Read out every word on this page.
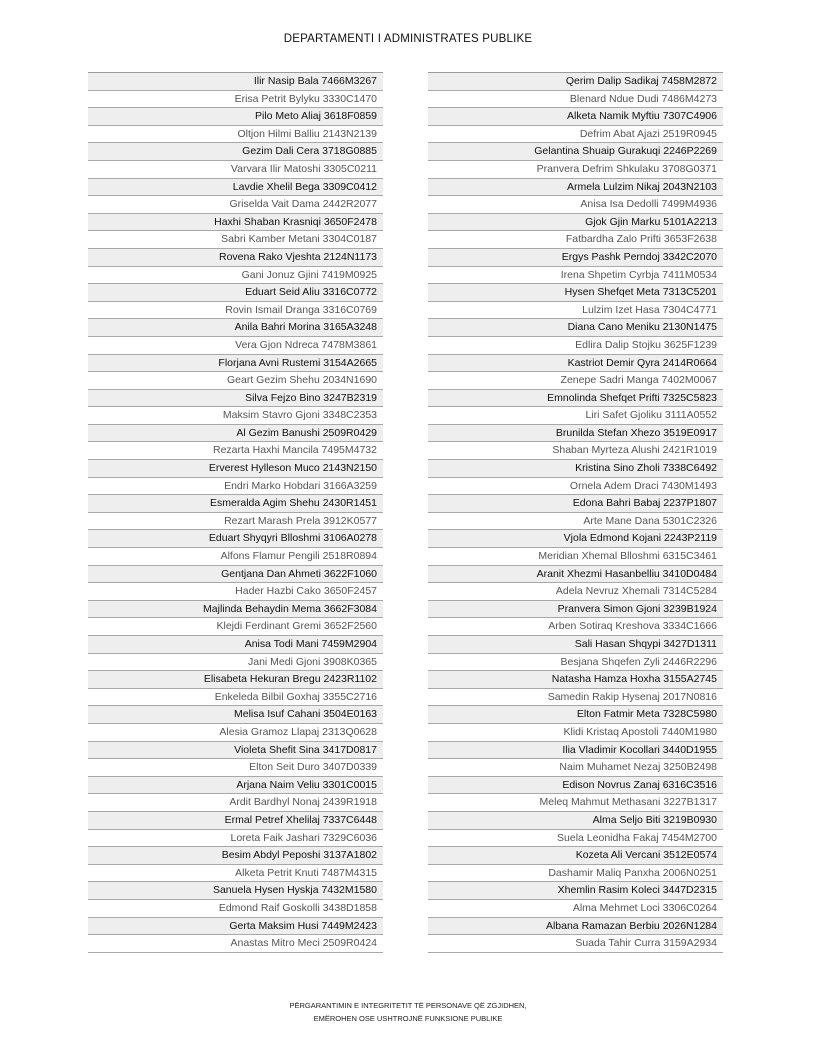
DEPARTAMENTI I ADMINISTRATES PUBLIKE
Ilir Nasip Bala 7466M3267
Erisa Petrit Bylyku 3330C1470
Pilo Meto Aliaj 3618F0859
Oltjon Hilmi Balliu 2143N2139
Gezim Dali Cera 3718G0885
Varvara Ilir Matoshi 3305C0211
Lavdie Xhelil Bega 3309C0412
Griselda Vait Dama 2442R2077
Haxhi Shaban Krasniqi 3650F2478
Sabri Kamber Metani 3304C0187
Rovena Rako Vjeshta 2124N1173
Gani Jonuz Gjini 7419M0925
Eduart Seid Aliu 3316C0772
Rovin Ismail Dranga 3316C0769
Anila Bahri Morina 3165A3248
Vera Gjon Ndreca 7478M3861
Florjana Avni Rustemi 3154A2665
Geart Gezim Shehu 2034N1690
Silva Fejzo Bino 3247B2319
Maksim Stavro Gjoni 3348C2353
Al Gezim Banushi 2509R0429
Rezarta Haxhi Mancila 7495M4732
Erverest Hylleson Muco 2143N2150
Endri Marko Hobdari 3166A3259
Esmeralda Agim Shehu 2430R1451
Rezart Marash Prela 3912K0577
Eduart Shyqyri Blloshmi 3106A0278
Alfons Flamur Pengili 2518R0894
Gentjana Dan Ahmeti 3622F1060
Hader Hazbi Cako 3650F2457
Majlinda Behaydin Mema 3662F3084
Klejdi Ferdinant Gremi 3652F2560
Anisa Todi Mani 7459M2904
Jani Medi Gjoni 3908K0365
Elisabeta Hekuran Bregu 2423R1102
Enkeleda Bilbil Goxhaj 3355C2716
Melisa Isuf Cahani 3504E0163
Alesia Gramoz Llapaj 2313Q0628
Violeta Shefit Sina 3417D0817
Elton Seit Duro 3407D0339
Arjana Naim Veliu 3301C0015
Ardit Bardhyl Nonaj 2439R1918
Ermal Petref Xhelilaj 7337C6448
Loreta Faik Jashari 7329C6036
Besim Abdyl Peposhi 3137A1802
Alketa Petrit Knuti 7487M4315
Sanuela Hysen Hyskja 7432M1580
Edmond Raif Goskolli 3438D1858
Gerta Maksim Husi 7449M2423
Anastas Mitro Meci 2509R0424
Qerim Dalip Sadikaj 7458M2872
Blenard Ndue Dudi 7486M4273
Alketa Namik Myftiu 7307C4906
Defrim Abat Ajazi 2519R0945
Gelantina Shuaip Gurakuqi 2246P2269
Pranvera Defrim Shkulaku 3708G0371
Armela Lulzim Nikaj 2043N2103
Anisa Isa Dedolli 7499M4936
Gjok Gjin Marku 5101A2213
Fatbardha Zalo Prifti 3653F2638
Ergys Pashk Perndoj 3342C2070
Irena Shpetim Cyrbja 7411M0534
Hysen Shefqet Meta 7313C5201
Lulzim Izet Hasa 7304C4771
Diana Cano Meniku 2130N1475
Edlira Dalip Stojku 3625F1239
Kastriot Demir Qyra 2414R0664
Zenepe Sadri Manga 7402M0067
Emnolinda Shefqet Prifti 7325C5823
Liri Safet Gjoliku 3111A0552
Brunilda Stefan Xhezo 3519E0917
Shaban Myrteza Alushi 2421R1019
Kristina Sino Zholi 7338C6492
Ornela Adem Draci 7430M1493
Edona Bahri Babaj 2237P1807
Arte Mane Dana 5301C2326
Vjola Edmond Kojani 2243P2119
Meridian Xhemal Blloshmi 6315C3461
Aranit Xhezmi Hasanbelliu 3410D0484
Adela Nevruz Xhemali 7314C5284
Pranvera Simon Gjoni 3239B1924
Arben Sotiraq Kreshova 3334C1666
Sali Hasan Shqypi 3427D1311
Besjana Shqefen Zyli 2446R2296
Natasha Hamza Hoxha 3155A2745
Samedin Rakip Hysenaj 2017N0816
Elton Fatmir Meta 7328C5980
Klidi Kristaq Apostoli 7440M1980
Ilia Vladimir Kocollari 3440D1955
Naim Muhamet Nezaj 3250B2498
Edison Novrus Zanaj 6316C3516
Meleq Mahmut Methasani 3227B1317
Alma Seljo Biti 3219B0930
Suela Leonidha Fakaj 7454M2700
Kozeta Ali Vercani 3512E0574
Dashamir Maliq Panxha 2006N0251
Xhemlin Rasim Koleci 3447D2315
Alma Mehmet Loci 3306C0264
Albana Ramazan Berbiu 2026N1284
Suada Tahir Curra 3159A2934
PËRGARANTIMIN E INTEGRITETIT TË PERSONAVE QË ZGJIDHEN,
EMËROHEN OSE USHTROJNË FUNKSIONE PUBLIKE
